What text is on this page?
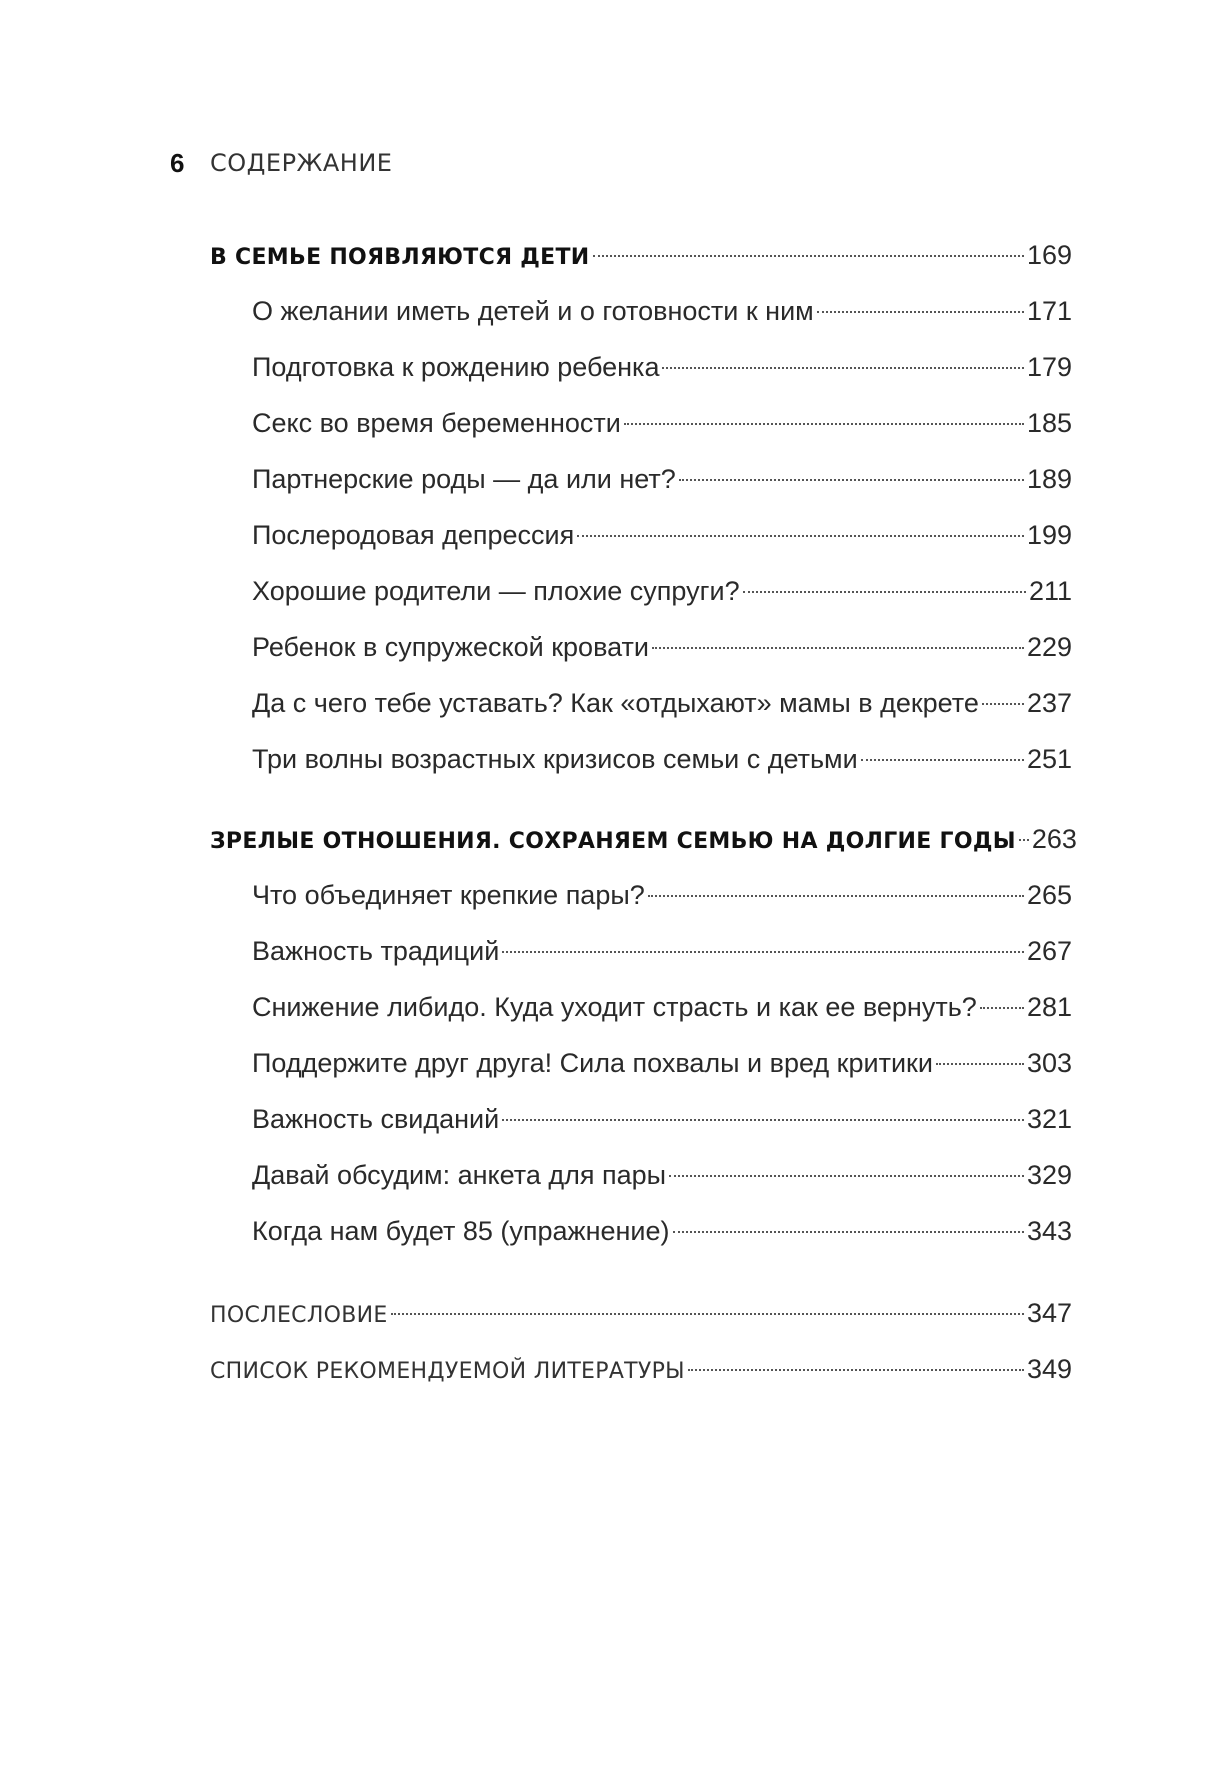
6	СОДЕРЖАНИЕ
В СЕМЬЕ ПОЯВЛЯЮТСЯ ДЕТИ	169
О желании иметь детей и о готовности к ним	171
Подготовка к рождению ребенка	179
Секс во время беременности	185
Партнерские роды — да или нет?	189
Послеродовая депрессия	199
Хорошие родители — плохие супруги?	211
Ребенок в супружеской кровати	229
Да с чего тебе уставать? Как «отдыхают» мамы в декрете 237
Три волны возрастных кризисов семьи с детьми	251
ЗРЕЛЫЕ ОТНОШЕНИЯ. СОХРАНЯЕМ СЕМЬЮ НА ДОЛГИЕ ГОДЫ 263
Что объединяет крепкие пары?	265
Важность традиций	267
Снижение либидо. Куда уходит страсть и как ее вернуть? 281
Поддержите друг друга! Сила похвалы и вред критики	303
Важность свиданий	321
Давай обсудим: анкета для пары	329
Когда нам будет 85 (упражнение)	343
ПОСЛЕСЛОВИЕ	347
СПИСОК РЕКОМЕНДУЕМОЙ ЛИТЕРАТУРЫ	349
